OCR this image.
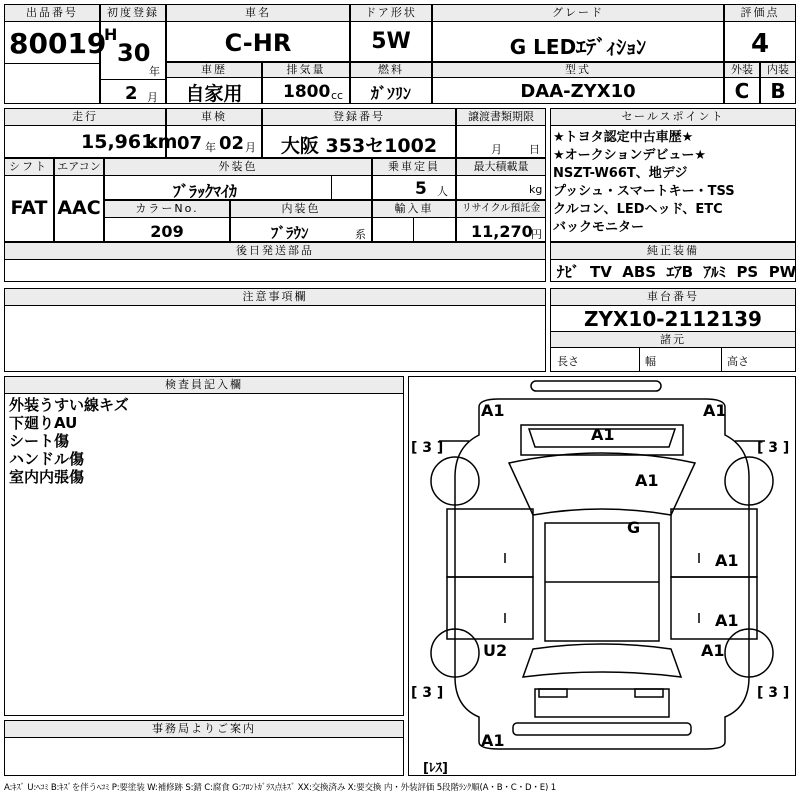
出品番号
80019
初度登録
H
30
年
2 月
車名
C-HR
ドア形状
5W
グレード
G LEDｴﾃﾞｨｼｮﾝ
評価点
4
車歴
自家用
排気量
1800 cc
燃料
ｶﾞｿﾘﾝ
型式
DAA-ZYX10
外装
C
内装
B
走行
15,961
km
車検
07 年 02 月
登録番号
大阪 353セ1002
譲渡書類期限
月 日
シフト
FAT
エアコン
AAC
外装色
ﾌﾞﾗｯｸﾏｲｶ
乗車定員
5 人
最大積載量
kg
カラーNo.
209
内装色
ﾌﾞﾗｳﾝ	系
輸入車	リサイクル預託金
11,270
円
後日発送部品
セールスポイント
★トヨタ認定中古車歴★
★オークションデビュー★
NSZT-W66T、地デジ
プッシュ・スマートキー・TSS
クルコン、LEDヘッド、ETC
バックモニター
純正装備
ﾅﾋﾞ TV ABS ｴｱB ｱﾙﾐ PS PW
注意事項欄	車台番号
ZYX10-2112139
諸元
長さ	幅	高さ
検査員記入欄
外装うすい線キズ
下廻りAU
シート傷
ハンドル傷
室内内張傷
事務局よりご案内
A1	A1
A1
A1
G
A1
A1
U2	A1
A1
[ 3 ]	[ 3 ]
[ 3 ]	[ 3 ]
[ﾚｽ]
A:ｷｽﾞ U:ﾍｺﾐ B:ｷｽﾞを伴うﾍｺﾐ P:要塗装 W:補修跡 S:錆 C:腐食 G:ﾌﾛﾝﾄｶﾞﾗｽ点ｷｽﾞ XX:交換済み X:要交換 内・外装評価 5段階ﾗﾝｸ順(A・B・C・D・E) 1
